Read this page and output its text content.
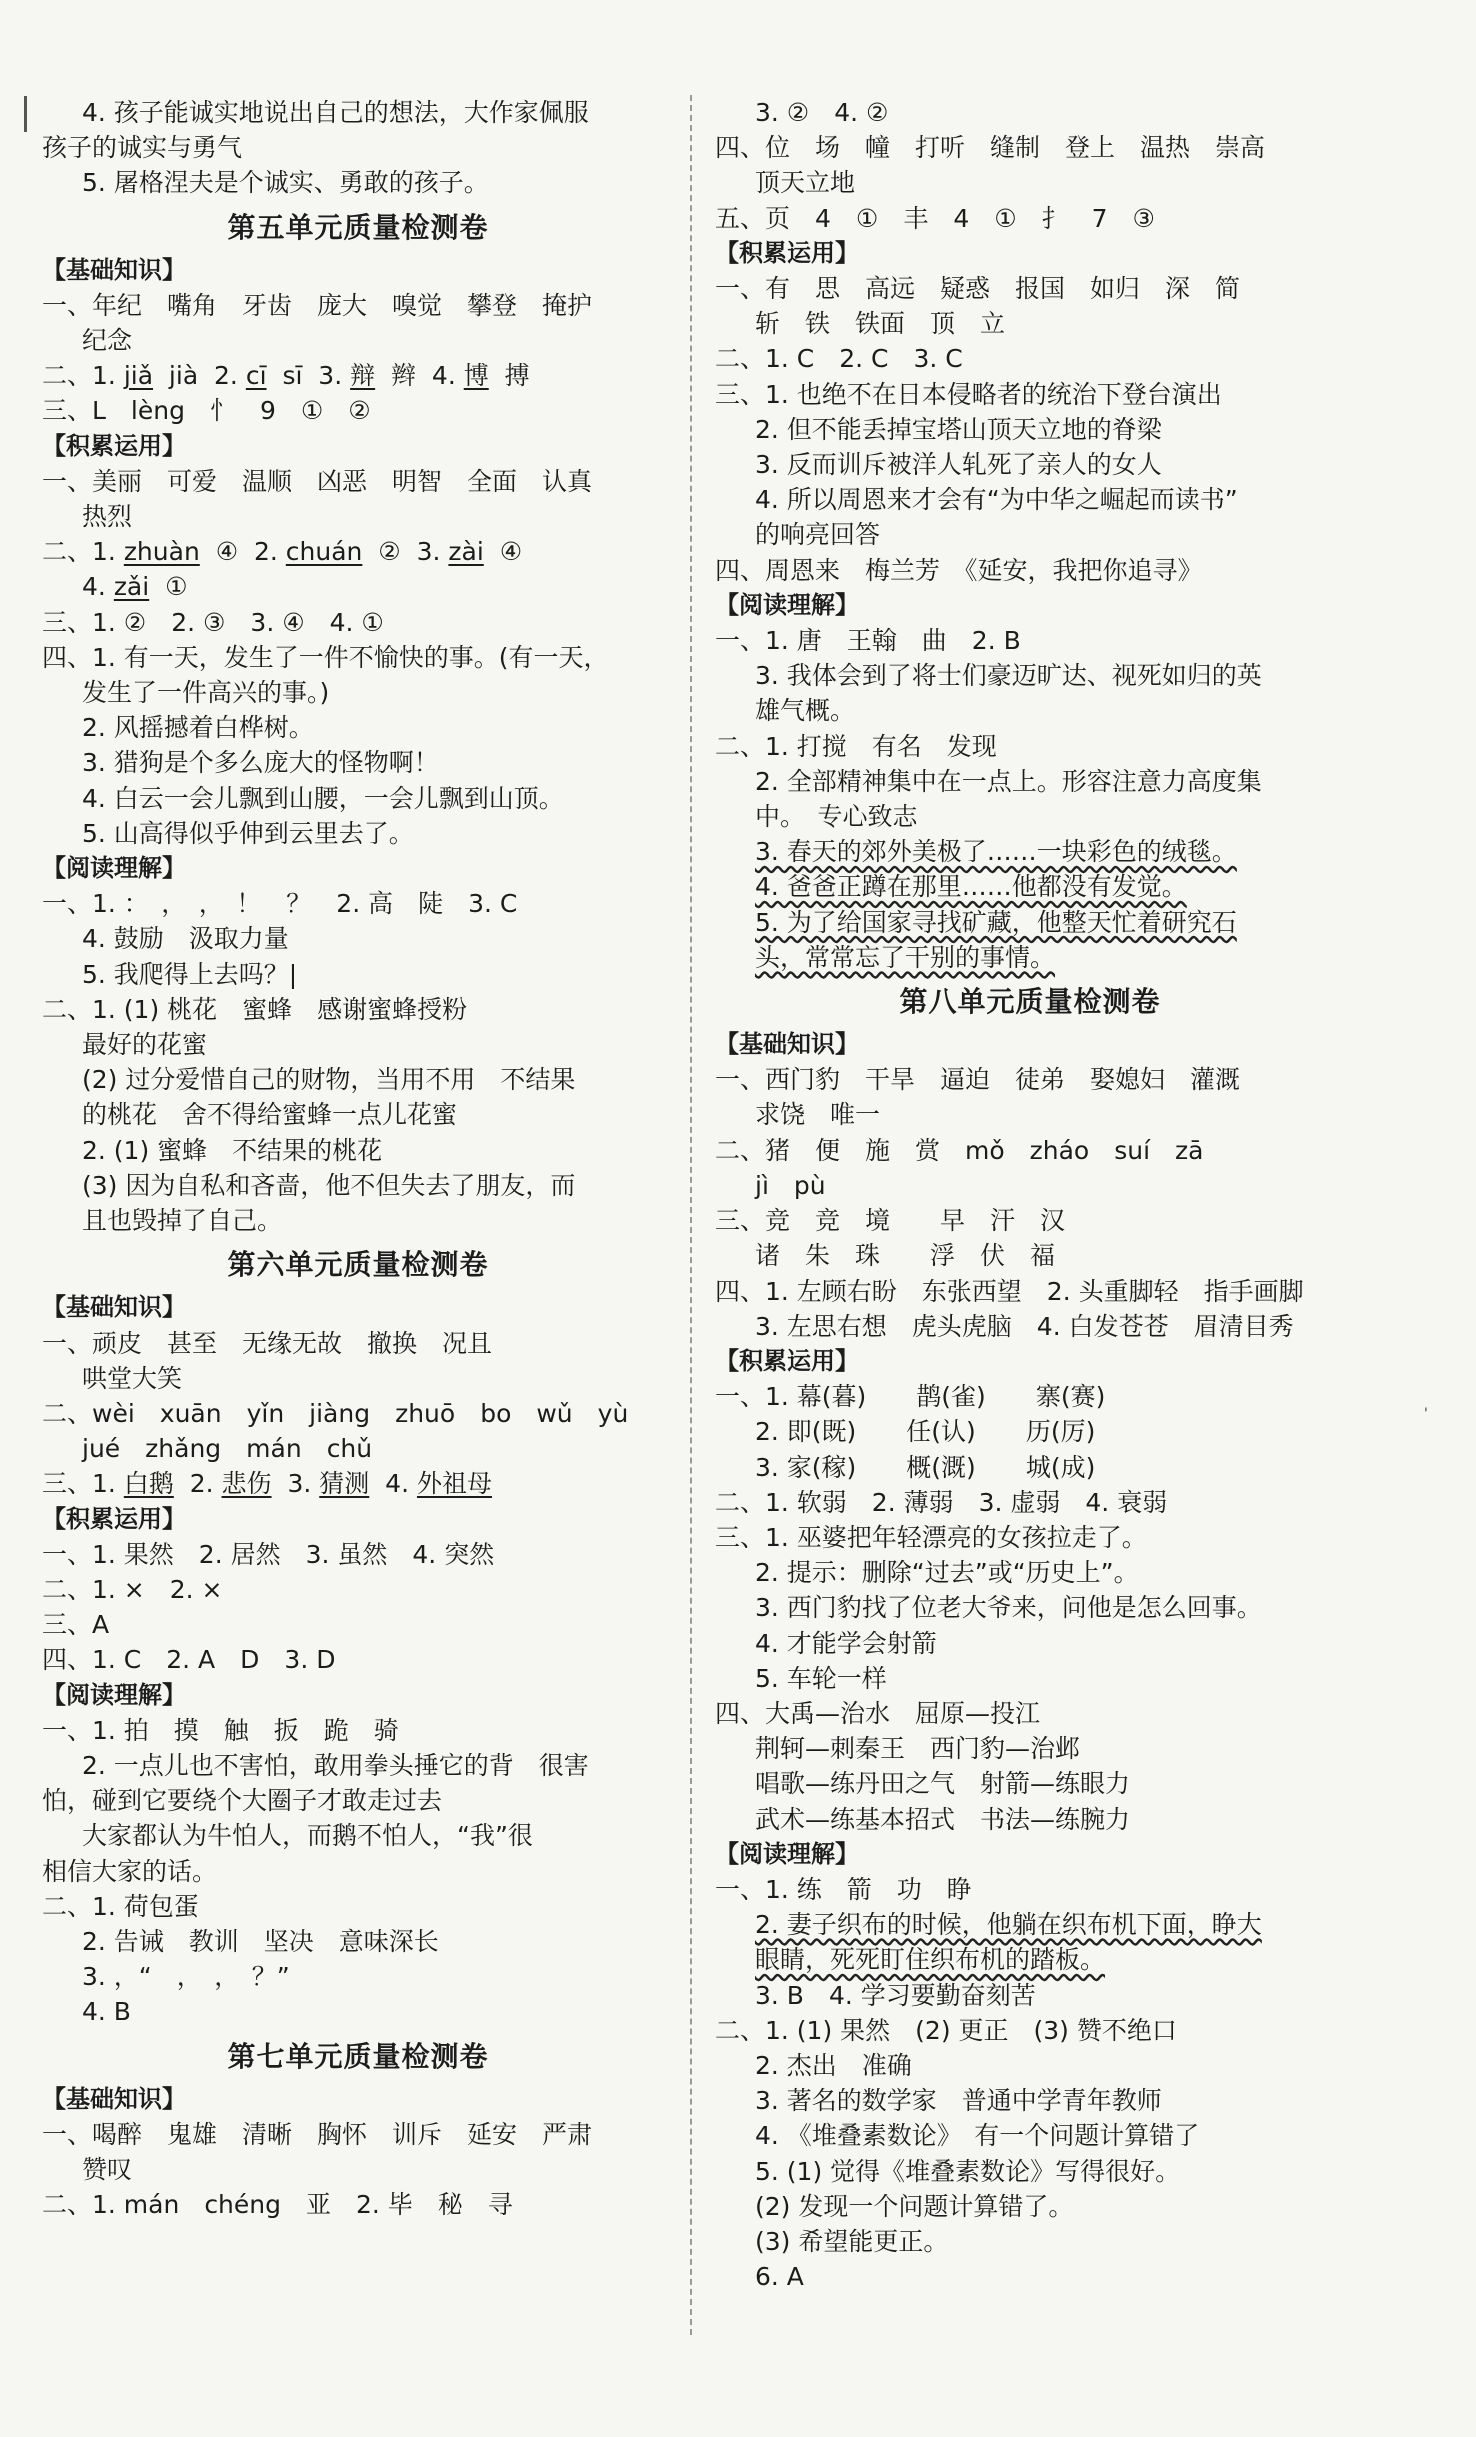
'
4. 孩子能诚实地说出自己的想法，大作家佩服
孩子的诚实与勇气
5. 屠格涅夫是个诚实、勇敢的孩子。
第五单元质量检测卷
【基础知识】
一、年纪　嘴角　牙齿　庞大　嗅觉　攀登　掩护
纪念
二、1. jiǎ  jià  2. cī  sī  3. 辩  辫  4. 博  搏
三、L　lèng　忄　9　①　②
【积累运用】
一、美丽　可爱　温顺　凶恶　明智　全面　认真
热烈
二、1. zhuàn  ④  2. chuán  ②  3. zài  ④
4. zǎi  ①
三、1. ②　2. ③　3. ④　4. ①
四、1. 有一天，发生了一件不愉快的事。(有一天，
发生了一件高兴的事。)
2. 风摇撼着白桦树。
3. 猎狗是个多么庞大的怪物啊！
4. 白云一会儿飘到山腰，一会儿飘到山顶。
5. 山高得似乎伸到云里去了。
【阅读理解】
一、1. ：　，　，　！　？　2. 高　陡　3. C
4. 鼓励　汲取力量
5. 我爬得上去吗？|
二、1. (1) 桃花　蜜蜂　感谢蜜蜂授粉
最好的花蜜
(2) 过分爱惜自己的财物，当用不用　不结果
的桃花　舍不得给蜜蜂一点儿花蜜
2. (1) 蜜蜂　不结果的桃花
(3) 因为自私和吝啬，他不但失去了朋友，而
且也毁掉了自己。
第六单元质量检测卷
【基础知识】
一、顽皮　甚至　无缘无故　撤换　况且
哄堂大笑
二、wèi　xuān　yǐn　jiàng　zhuō　bo　wǔ　yù
jué　zhǎng　mán　chǔ
三、1. 白鹅  2. 悲伤  3. 猜测  4. 外祖母
【积累运用】
一、1. 果然　2. 居然　3. 虽然　4. 突然
二、1. ×　2. ×
三、A
四、1. C　2. A　D　3. D
【阅读理解】
一、1. 拍　摸　触　扳　跪　骑
2. 一点儿也不害怕，敢用拳头捶它的背　很害
怕，碰到它要绕个大圈子才敢走过去
大家都认为牛怕人，而鹅不怕人，“我”很
相信大家的话。
二、1. 荷包蛋
2. 告诫　教训　坚决　意味深长
3. ，“　，　，　？”
4. B
第七单元质量检测卷
【基础知识】
一、喝醉　鬼雄　清晰　胸怀　训斥　延安　严肃
赞叹
二、1. mán　chéng　亚　2. 毕　秘　寻
3. ②　4. ②
四、位　场　幢　打听　缝制　登上　温热　崇高
顶天立地
五、页　4　①　丰　4　①　扌　7　③
【积累运用】
一、有　思　高远　疑惑　报国　如归　深　简
斩　铁　铁面　顶　立
二、1. C　2. C　3. C
三、1. 也绝不在日本侵略者的统治下登台演出
2. 但不能丢掉宝塔山顶天立地的脊梁
3. 反而训斥被洋人轧死了亲人的女人
4. 所以周恩来才会有“为中华之崛起而读书”
的响亮回答
四、周恩来　梅兰芳　《延安，我把你追寻》
【阅读理解】
一、1. 唐　王翰　曲　2. B
3. 我体会到了将士们豪迈旷达、视死如归的英
雄气概。
二、1. 打搅　有名　发现
2. 全部精神集中在一点上。形容注意力高度集
中。　专心致志
3. 春天的郊外美极了……一块彩色的绒毯。
4. 爸爸正蹲在那里……他都没有发觉。
5. 为了给国家寻找矿藏，他整天忙着研究石
头，常常忘了干别的事情。
第八单元质量检测卷
【基础知识】
一、西门豹　干旱　逼迫　徒弟　娶媳妇　灌溉
求饶　唯一
二、猪　便　施　赏　mǒ　zháo　suí　zā
jì　pù
三、竞　竞　境　　早　汗　汉
诸　朱　珠　　浮　伏　福
四、1. 左顾右盼　东张西望　2. 头重脚轻　指手画脚
3. 左思右想　虎头虎脑　4. 白发苍苍　眉清目秀
【积累运用】
一、1. 幕(暮)　　鹊(雀)　　寨(赛)
2. 即(既)　　任(认)　　历(厉)
3. 家(稼)　　概(溉)　　城(成)
二、1. 软弱　2. 薄弱　3. 虚弱　4. 衰弱
三、1. 巫婆把年轻漂亮的女孩拉走了。
2. 提示：删除“过去”或“历史上”。
3. 西门豹找了位老大爷来，问他是怎么回事。
4. 才能学会射箭
5. 车轮一样
四、大禹—治水　屈原—投江
荆轲—刺秦王　西门豹—治邺
唱歌—练丹田之气　射箭—练眼力
武术—练基本招式　书法—练腕力
【阅读理解】
一、1. 练　箭　功　睁
2. 妻子织布的时候，他躺在织布机下面，睁大
眼睛，死死盯住织布机的踏板。
3. B　4. 学习要勤奋刻苦
二、1. (1) 果然　(2) 更正　(3) 赞不绝口
2. 杰出　准确
3. 著名的数学家　普通中学青年教师
4. 《堆叠素数论》　有一个问题计算错了
5. (1) 觉得《堆叠素数论》写得很好。
(2) 发现一个问题计算错了。
(3) 希望能更正。
6. A
